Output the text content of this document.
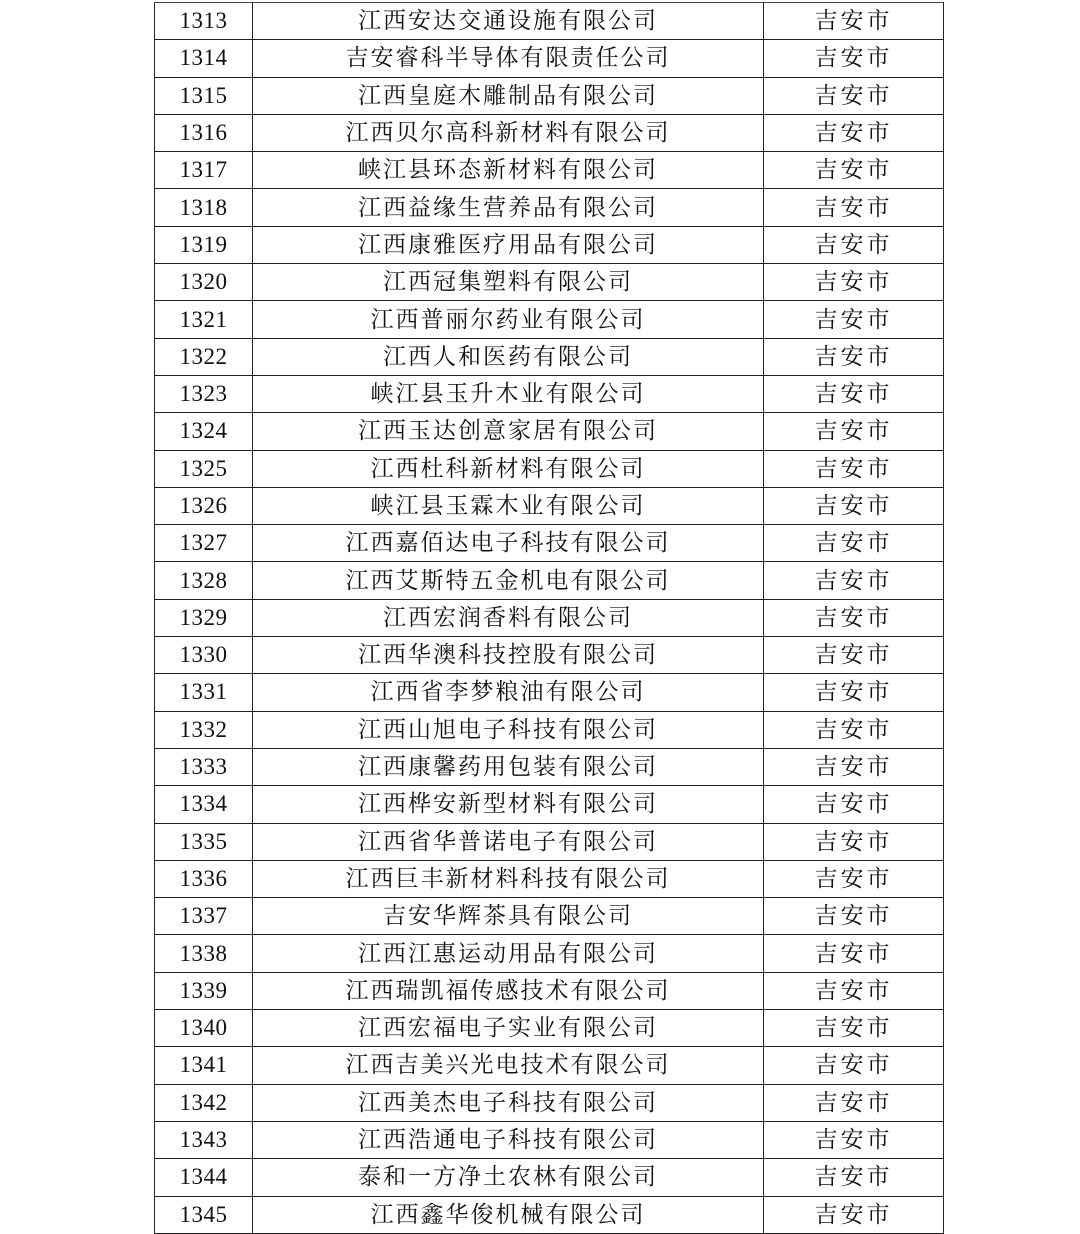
1313	江西安达交通设施有限公司	吉安市
1314	吉安睿科半导体有限责任公司	吉安市
1315	江西皇庭木雕制品有限公司	吉安市
1316	江西贝尔高科新材料有限公司	吉安市
1317	峡江县环态新材料有限公司	吉安市
1318	江西益缘生营养品有限公司	吉安市
1319	江西康雅医疗用品有限公司	吉安市
1320	江西冠集塑料有限公司	吉安市
1321	江西普丽尔药业有限公司	吉安市
1322	江西人和医药有限公司	吉安市
1323	峡江县玉升木业有限公司	吉安市
1324	江西玉达创意家居有限公司	吉安市
1325	江西杜科新材料有限公司	吉安市
1326	峡江县玉霖木业有限公司	吉安市
1327	江西嘉佰达电子科技有限公司	吉安市
1328	江西艾斯特五金机电有限公司	吉安市
1329	江西宏润香料有限公司	吉安市
1330	江西华澳科技控股有限公司	吉安市
1331	江西省李梦粮油有限公司	吉安市
1332	江西山旭电子科技有限公司	吉安市
1333	江西康馨药用包装有限公司	吉安市
1334	江西桦安新型材料有限公司	吉安市
1335	江西省华普诺电子有限公司	吉安市
1336	江西巨丰新材料科技有限公司	吉安市
1337	吉安华辉茶具有限公司	吉安市
1338	江西江惠运动用品有限公司	吉安市
1339	江西瑞凯福传感技术有限公司	吉安市
1340	江西宏福电子实业有限公司	吉安市
1341	江西吉美兴光电技术有限公司	吉安市
1342	江西美杰电子科技有限公司	吉安市
1343	江西浩通电子科技有限公司	吉安市
1344	泰和一方净土农林有限公司	吉安市
1345	江西鑫华俊机械有限公司	吉安市
